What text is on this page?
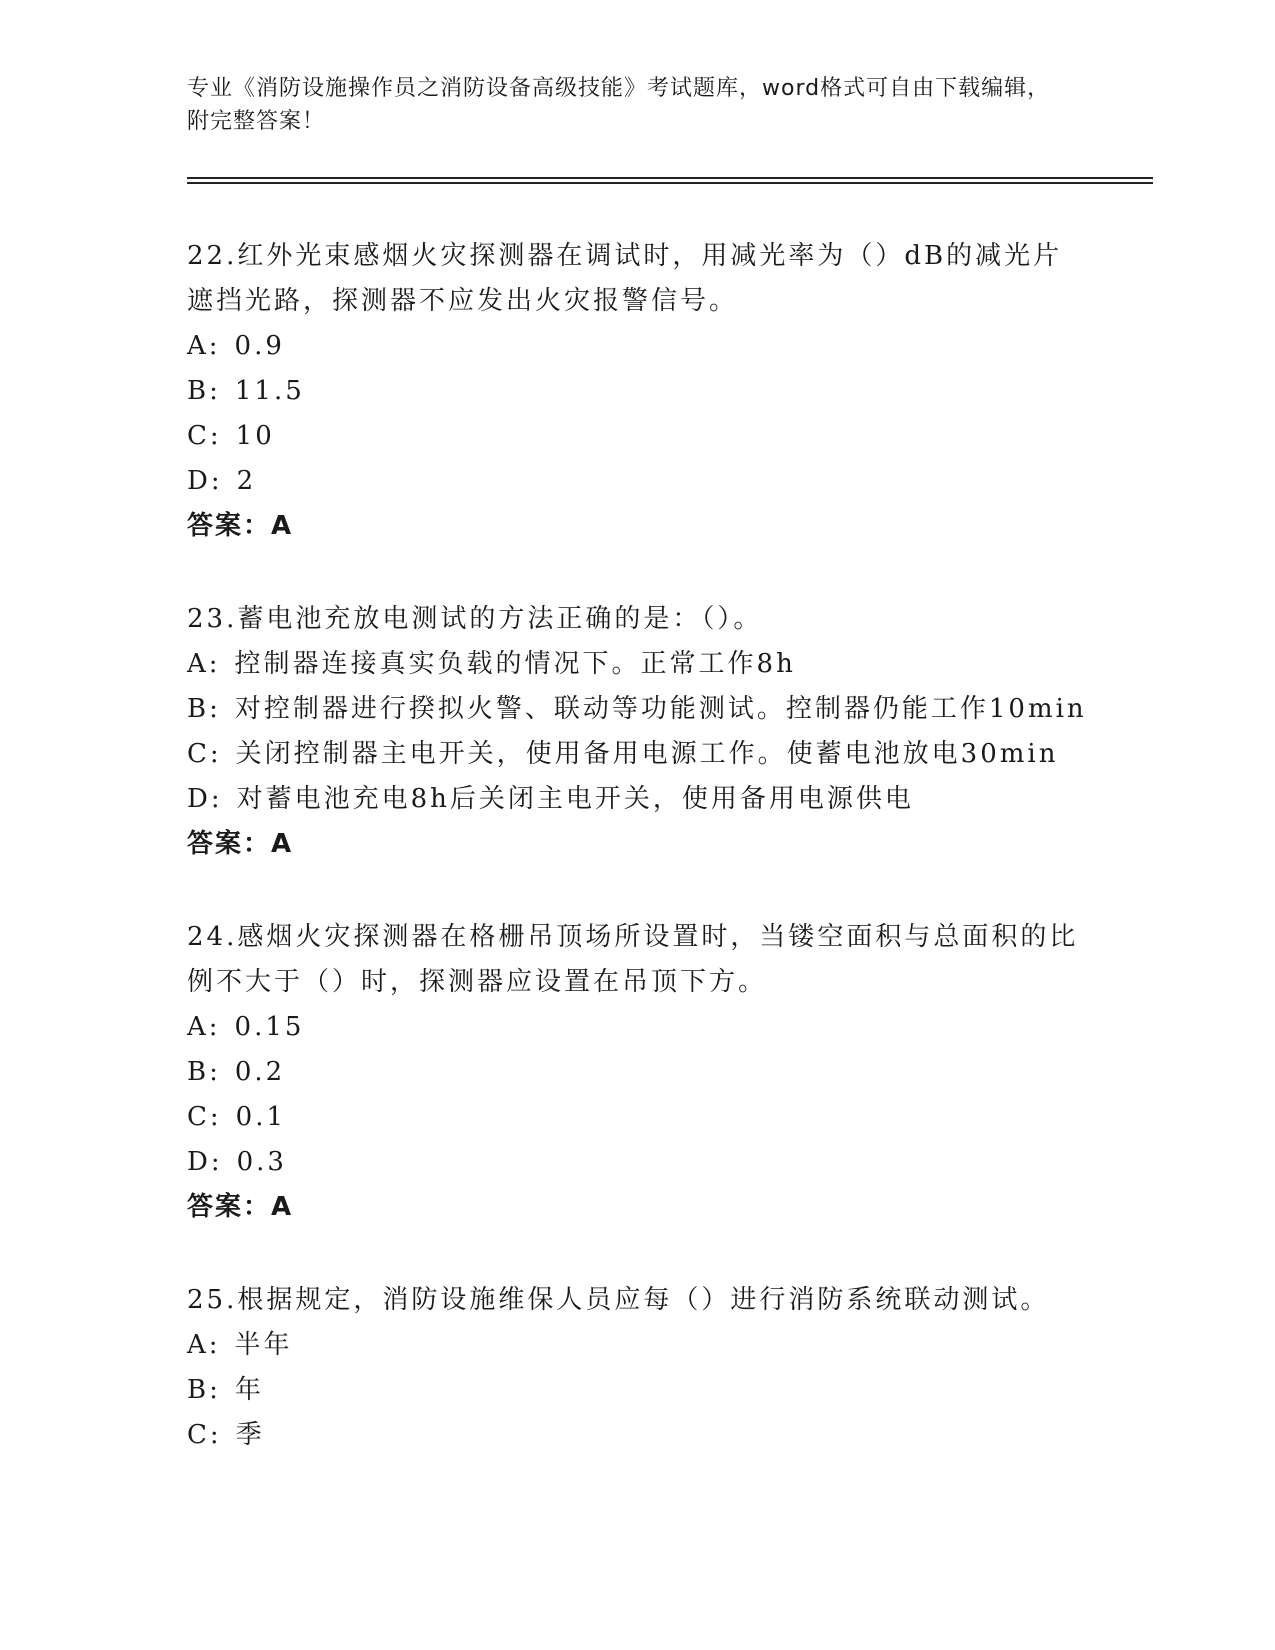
专业《消防设施操作员之消防设备高级技能》考试题库，word格式可自由下载编辑，附完整答案！

22.红外光束感烟火灾探测器在调试时，用减光率为（）dB的减光片遮挡光路，探测器不应发出火灾报警信号。

A: 0.9
B: 11.5
C: 10
D: 2
答案：A

23.蓄电池充放电测试的方法正确的是：（）。

A: 控制器连接真实负载的情况下。正常工作8h
B: 对控制器进行揆拟火警、联动等功能测试。控制器仍能工作10min
C: 关闭控制器主电开关，使用备用电源工作。使蓄电池放电30min
D: 对蓄电池充电8h后关闭主电开关，使用备用电源供电
答案：A

24.感烟火灾探测器在格栅吊顶场所设置时，当镂空面积与总面积的比例不大于（）时，探测器应设置在吊顶下方。

A: 0.15
B: 0.2
C: 0.1
D: 0.3
答案：A

25.根据规定，消防设施维保人员应每（）进行消防系统联动测试。

A: 半年
B: 年
C: 季
